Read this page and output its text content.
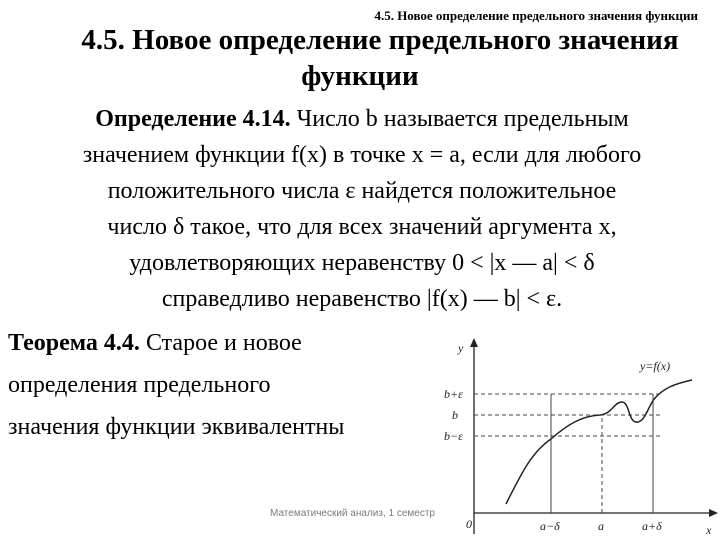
4.5. Новое определение предельного значения функции
4.5. Новое определение предельного значения
функции
Определение 4.14. Число b называется предельным
значением функции f(x) в точке x = a, если для любого
положительного числа ε найдется положительное
число δ такое, что для всех значений аргумента x,
удовлетворяющих неравенству 0 < |x — a| < δ
справедливо неравенство |f(x) — b| < ε.
Теорема 4.4. Старое и новое
определения предельного
значения функции эквивалентны
Математический анализ, 1 семестр
y
x
y=f(x)
b+ε
b
b−ε
0	a−δ	a	a+δ
